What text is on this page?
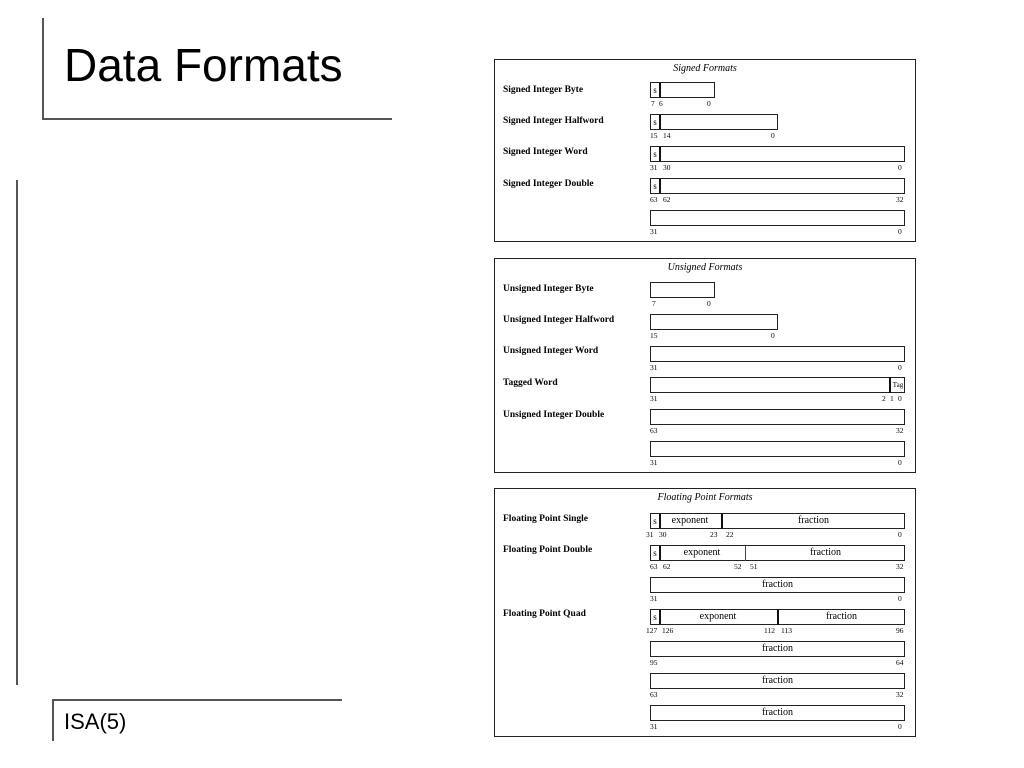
Data Formats
ISA(5)
Signed Formats
Signed Integer Byte	s
7 6	0
Signed Integer Halfword	s
15 14	0
Signed Integer Word	s
31 30	0
Signed Integer Double	s
63 62	32
31	0
Unsigned Formats
Unsigned Integer Byte
7	0
Unsigned Integer Halfword
15	0
Unsigned Integer Word
31	0
Tagged Word	Tag
31	2 1 0
Unsigned Integer Double
63	32
31	0
Floating Point Formats
Floating Point Single	s	exponent	fraction
31 30	23 22	0
Floating Point Double	s	exponent	fraction
63 62	52 51	32
fraction
31	0
Floating Point Quad	s	exponent	fraction
127 126	112 113	96
fraction
95	64
fraction
63	32
fraction
31	0
